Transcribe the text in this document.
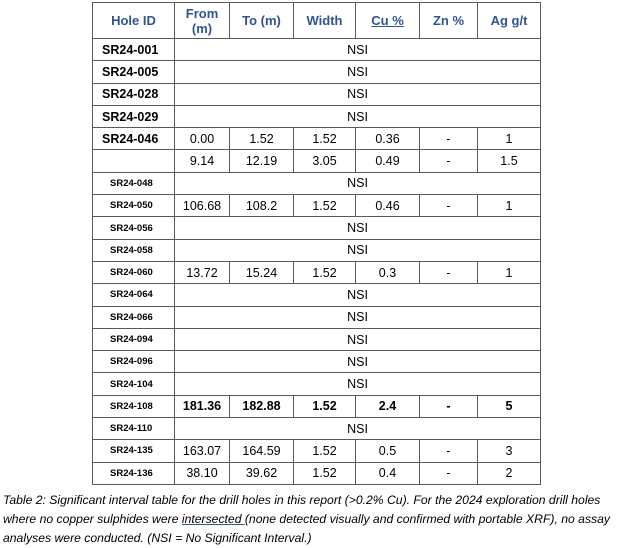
Hole ID	From (m)	To (m)	Width	Cu %	Zn %	Ag g/t
SR24-001	NSI					
SR24-005	NSI					
SR24-028	NSI					
SR24-029	NSI					
SR24-046	0.00	1.52	1.52	0.36	-	1
	9.14	12.19	3.05	0.49	-	1.5
SR24-048	NSI					
SR24-050	106.68	108.2	1.52	0.46	-	1
SR24-056	NSI					
SR24-058	NSI					
SR24-060	13.72	15.24	1.52	0.3	-	1
SR24-064	NSI					
SR24-066	NSI					
SR24-094	NSI					
SR24-096	NSI					
SR24-104	NSI					
SR24-108	181.36	182.88	1.52	2.4	-	5
SR24-110	NSI					
SR24-135	163.07	164.59	1.52	0.5	-	3
SR24-136	38.10	39.62	1.52	0.4	-	2
Table 2: Significant interval table for the drill holes in this report (>0.2% Cu). For the 2024 exploration drill holes where no copper sulphides were intersected (none detected visually and confirmed with portable XRF), no assay analyses were conducted. (NSI = No Significant Interval.)
